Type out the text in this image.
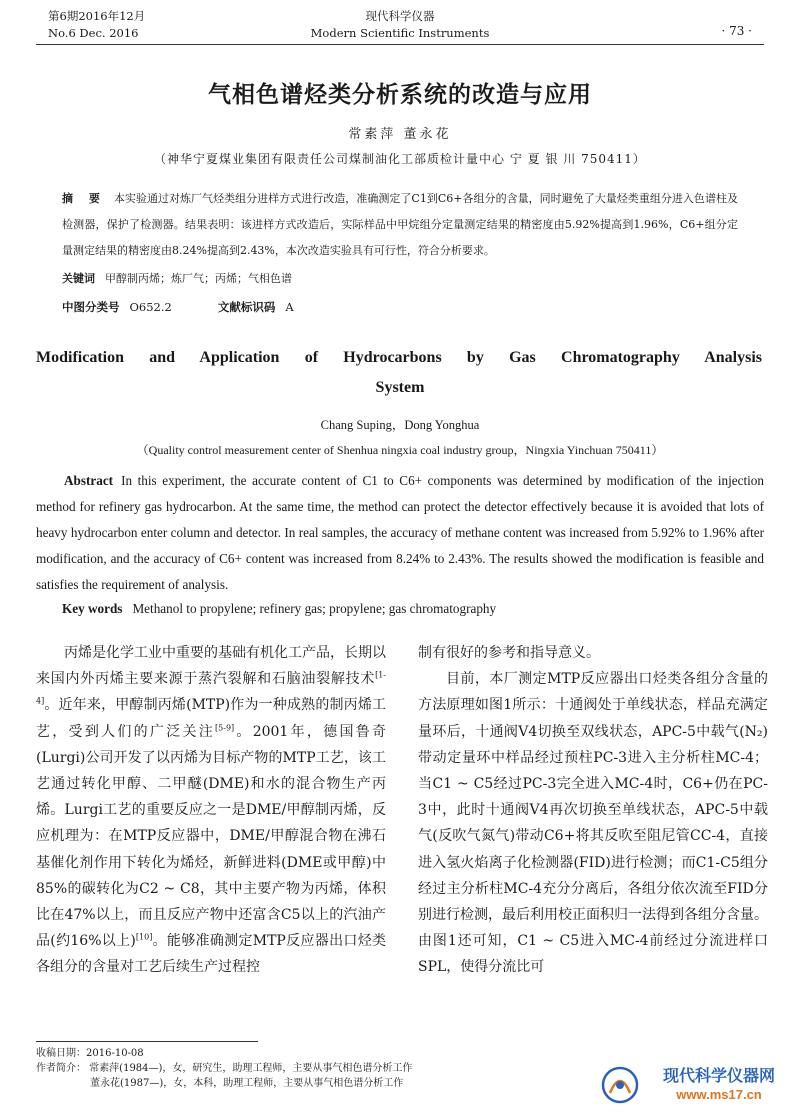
第6期2016年12月
No.6 Dec. 2016
现代科学仪器
Modern Scientific Instruments	· 73 ·
气相色谱烃类分析系统的改造与应用
常素萍 董永花
（神华宁夏煤业集团有限责任公司煤制油化工部质检计量中心 宁 夏 银 川 750411）
摘 要 本实验通过对炼厂气烃类组分进样方式进行改造，准确测定了C1到C6+各组分的含量，同时避免了大量烃类重组分进入色谱柱及检测器，保护了检测器。结果表明：该进样方式改造后，实际样品中甲烷组分定量测定结果的精密度由5.92%提高到1.96%，C6+组分定量测定结果的精密度由8.24%提高到2.43%，本次改造实验具有可行性，符合分析要求。
关键词 甲醇制丙烯；炼厂气；丙烯；气相色谱
中图分类号 O652.2	文献标识码 A
Modification and Application of Hydrocarbons by Gas Chromatography Analysis
System
Chang Suping，Dong Yonghua
（Quality control measurement center of Shenhua ningxia coal industry group，Ningxia Yinchuan 750411）
Abstract In this experiment, the accurate content of C1 to C6+ components was determined by modification of the injection method for refinery gas hydrocarbon. At the same time, the method can protect the detector effectively because it is avoided that lots of heavy hydrocarbon enter column and detector. In real samples, the accuracy of methane content was increased from 5.92% to 1.96% after modification, and the accuracy of C6+ content was increased from 8.24% to 2.43%. The results showed the modification is feasible and satisfies the requirement of analysis.
Key words Methanol to propylene; refinery gas; propylene; gas chromatography

丙烯是化学工业中重要的基础有机化工产品，长期以来国内外丙烯主要来源于蒸汽裂解和石脑油裂解技术[1-4]。近年来，甲醇制丙烯(MTP)作为一种成熟的制丙烯工艺，受到人们的广泛关注[5-9]。2001年，德国鲁奇(Lurgi)公司开发了以丙烯为目标产物的MTP工艺，该工艺通过转化甲醇、二甲醚(DME)和水的混合物生产丙烯。Lurgi工艺的重要反应之一是DME/甲醇制丙烯，反应机理为：在MTP反应器中，DME/甲醇混合物在沸石基催化剂作用下转化为烯烃，新鲜进料(DME或甲醇)中85%的碳转化为C2 ~ C8，其中主要产物为丙烯，体积比在47%以上，而且反应产物中还富含C5以上的汽油产品(约16%以上)[10]。能够准确测定MTP反应器出口烃类各组分的含量对工艺后续生产过程控

制有很好的参考和指导意义。

目前，本厂测定MTP反应器出口烃类各组分含量的方法原理如图1所示：十通阀处于单线状态，样品充满定量环后，十通阀V4切换至双线状态，APC-5中载气(N₂)带动定量环中样品经过预柱PC-3进入主分析柱MC-4；当C1 ~ C5经过PC-3完全进入MC-4时，C6+仍在PC-3中，此时十通阀V4再次切换至单线状态，APC-5中载气(反吹气氮气)带动C6+将其反吹至阻尼管CC-4，直接进入氢火焰离子化检测器(FID)进行检测；而C1-C5组分经过主分析柱MC-4充分分离后，各组分依次流至FID分别进行检测，最后利用校正面积归一法得到各组分含量。由图1还可知，C1 ~ C5进入MC-4前经过分流进样口SPL，使得分流比可

收稿日期：2016-10-08
作者简介： 常素萍(1984—)，女，研究生，助理工程师，主要从事气相色谱分析工作
董永花(1987—)，女，本科，助理工程师，主要从事气相色谱分析工作	现代科学仪器网
www.ms17.cn
